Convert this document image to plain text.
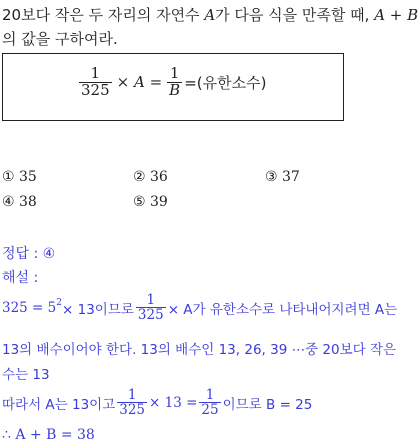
20보다 작은 두 자리의 자연수 A가 다음 식을 만족할 때, A + B
의 값을 구하여라.
$\frac{1}{325} \times A = \frac{1}{B}$ =(유한소수)
① 35	② 36	③ 37
④ 38	⑤ 39
정답 : ④
해설 :
$325 = 5^2 \times 13$이므로 $\frac{1}{325} \times A$가 유한소수로 나타내어지려면 A는
13의 배수이어야 한다. 13의 배수인 13, 26, 39 ⋯중 20보다 작은
수는 13
따라서 A는 13이고 $\frac{1}{325} \times 13 = \frac{1}{25}$ 이므로 B = 25
∴ A + B = 38
